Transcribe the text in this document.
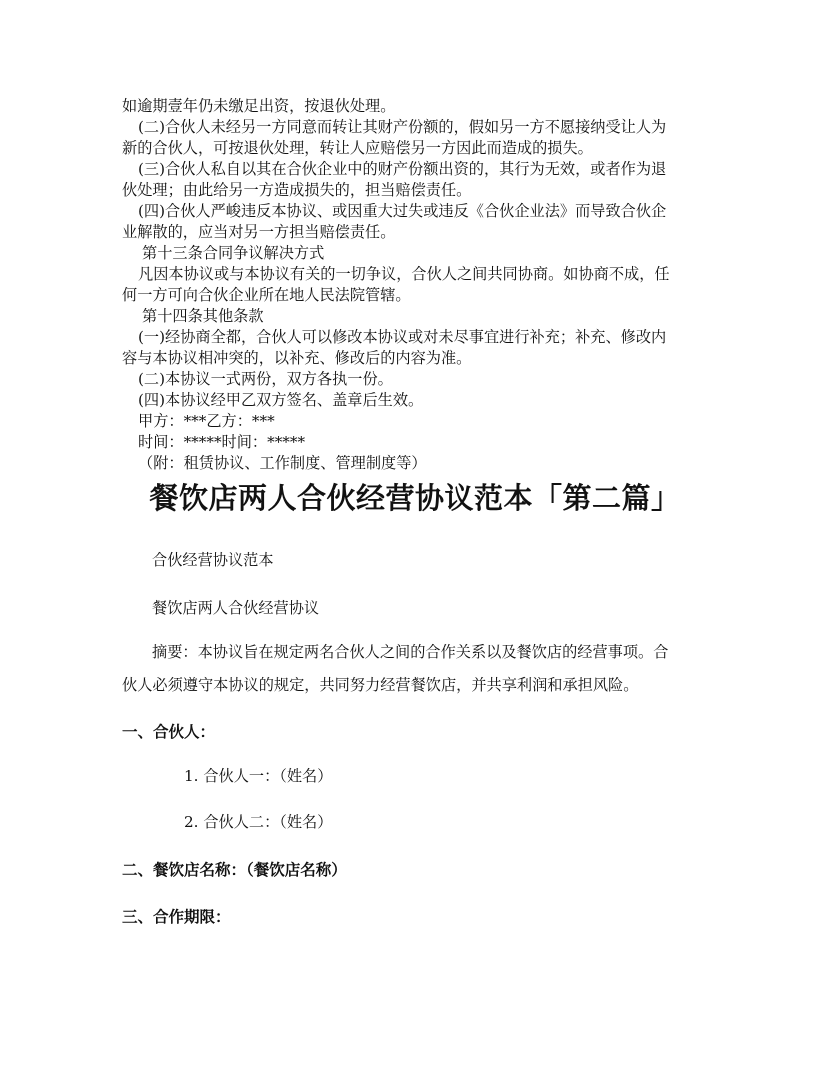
如逾期壹年仍未缴足出资，按退伙处理。

(二)合伙人未经另一方同意而转让其财产份额的，假如另一方不愿接纳受让人为

新的合伙人，可按退伙处理，转让人应赔偿另一方因此而造成的损失。

(三)合伙人私自以其在合伙企业中的财产份额出资的，其行为无效，或者作为退

伙处理；由此给另一方造成损失的，担当赔偿责任。

(四)合伙人严峻违反本协议、或因重大过失或违反《合伙企业法》而导致合伙企

业解散的，应当对另一方担当赔偿责任。

第十三条合同争议解决方式

凡因本协议或与本协议有关的一切争议，合伙人之间共同协商。如协商不成，任

何一方可向合伙企业所在地人民法院管辖。

第十四条其他条款

(一)经协商全都，合伙人可以修改本协议或对未尽事宜进行补充；补充、修改内

容与本协议相冲突的，以补充、修改后的内容为准。

(二)本协议一式两份，双方各执一份。

(四)本协议经甲乙双方签名、盖章后生效。

甲方：***乙方：***

时间：*****时间：*****

（附：租赁协议、工作制度、管理制度等）

餐饮店两人合伙经营协议范本「第二篇」

合伙经营协议范本

餐饮店两人合伙经营协议

摘要：本协议旨在规定两名合伙人之间的合作关系以及餐饮店的经营事项。合

伙人必须遵守本协议的规定，共同努力经营餐饮店，并共享利润和承担风险。

一、合伙人：

1. 合伙人一：（姓名）

2. 合伙人二：（姓名）

二、餐饮店名称：（餐饮店名称）

三、合作期限：
